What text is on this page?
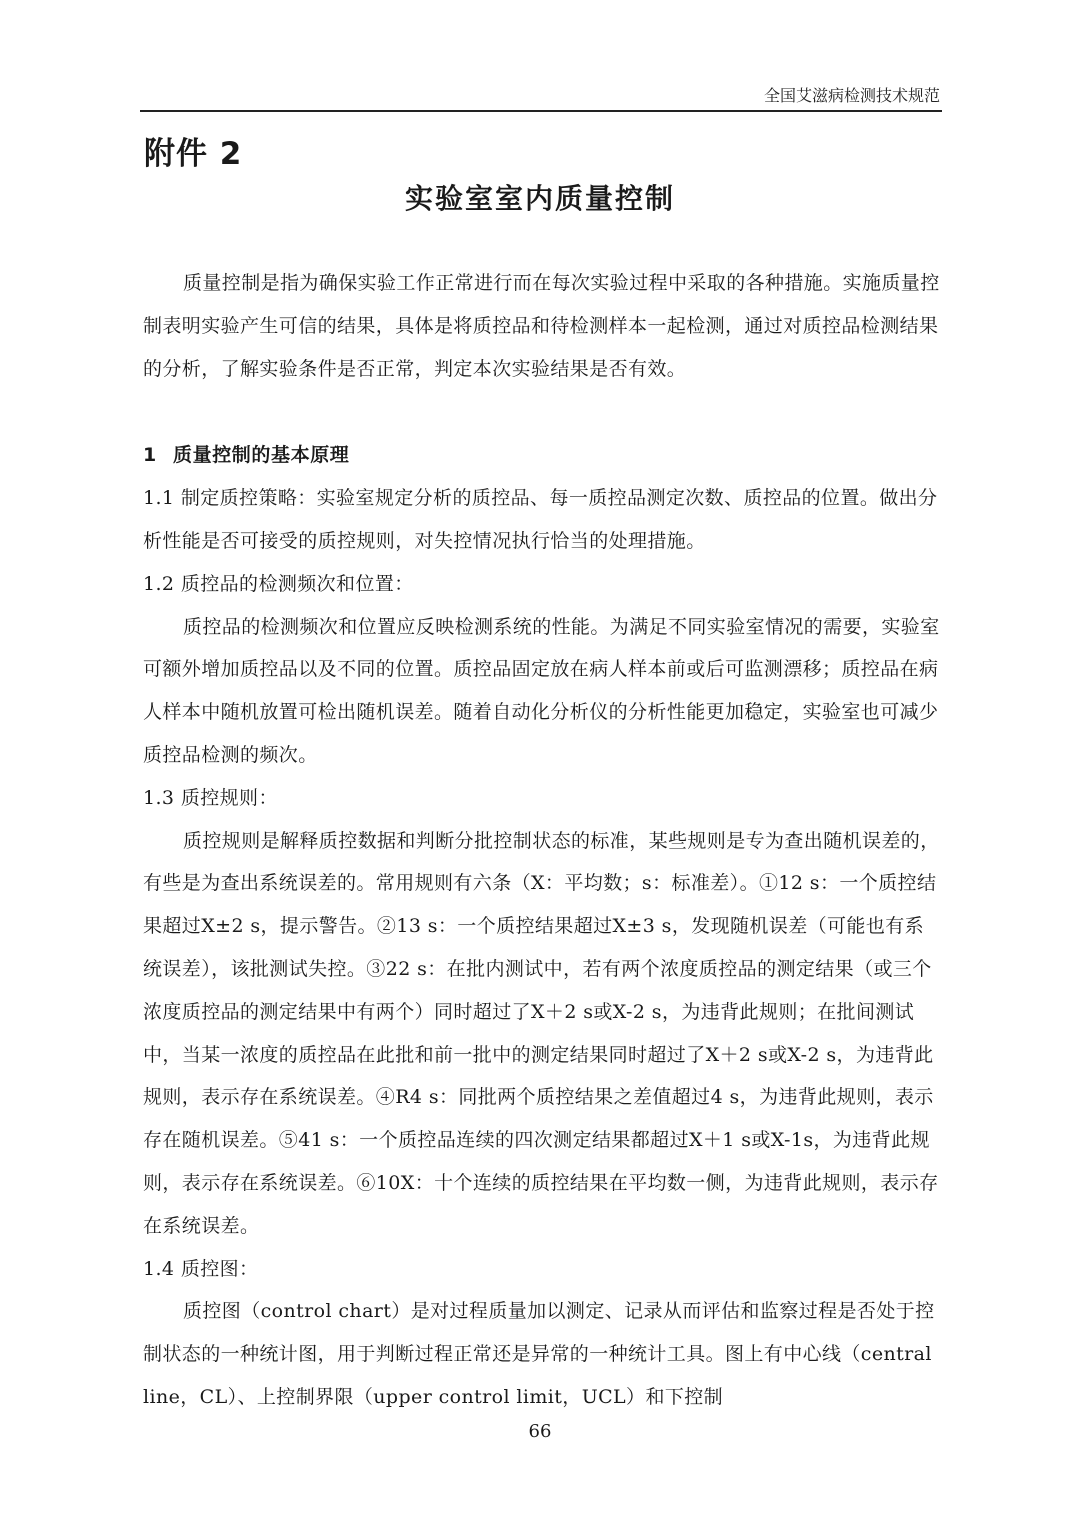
全国艾滋病检测技术规范
附件 2
实验室室内质量控制

质量控制是指为确保实验工作正常进行而在每次实验过程中采取的各种措施。实施质量控制表明实验产生可信的结果，具体是将质控品和待检测样本一起检测，通过对质控品检测结果的分析，了解实验条件是否正常，判定本次实验结果是否有效。

1 质量控制的基本原理

1.1 制定质控策略：实验室规定分析的质控品、每一质控品测定次数、质控品的位置。做出分析性能是否可接受的质控规则，对失控情况执行恰当的处理措施。

1.2 质控品的检测频次和位置：

质控品的检测频次和位置应反映检测系统的性能。为满足不同实验室情况的需要，实验室可额外增加质控品以及不同的位置。质控品固定放在病人样本前或后可监测漂移；质控品在病人样本中随机放置可检出随机误差。随着自动化分析仪的分析性能更加稳定，实验室也可减少质控品检测的频次。

1.3 质控规则：

质控规则是解释质控数据和判断分批控制状态的标准，某些规则是专为查出随机误差的，有些是为查出系统误差的。常用规则有六条（X：平均数；s：标准差）。①12 s：一个质控结果超过X±2 s，提示警告。②13 s：一个质控结果超过X±3 s，发现随机误差（可能也有系统误差），该批测试失控。③22 s：在批内测试中，若有两个浓度质控品的测定结果（或三个浓度质控品的测定结果中有两个）同时超过了X＋2 s或X-2 s，为违背此规则；在批间测试中，当某一浓度的质控品在此批和前一批中的测定结果同时超过了X＋2 s或X-2 s，为违背此规则，表示存在系统误差。④R4 s：同批两个质控结果之差值超过4 s，为违背此规则，表示存在随机误差。⑤41 s：一个质控品连续的四次测定结果都超过X＋1 s或X-1s，为违背此规则，表示存在系统误差。⑥10X：十个连续的质控结果在平均数一侧，为违背此规则，表示存在系统误差。

1.4 质控图：

质控图（control chart）是对过程质量加以测定、记录从而评估和监察过程是否处于控制状态的一种统计图，用于判断过程正常还是异常的一种统计工具。图上有中心线（central line，CL）、上控制界限（upper control limit，UCL）和下控制

66
